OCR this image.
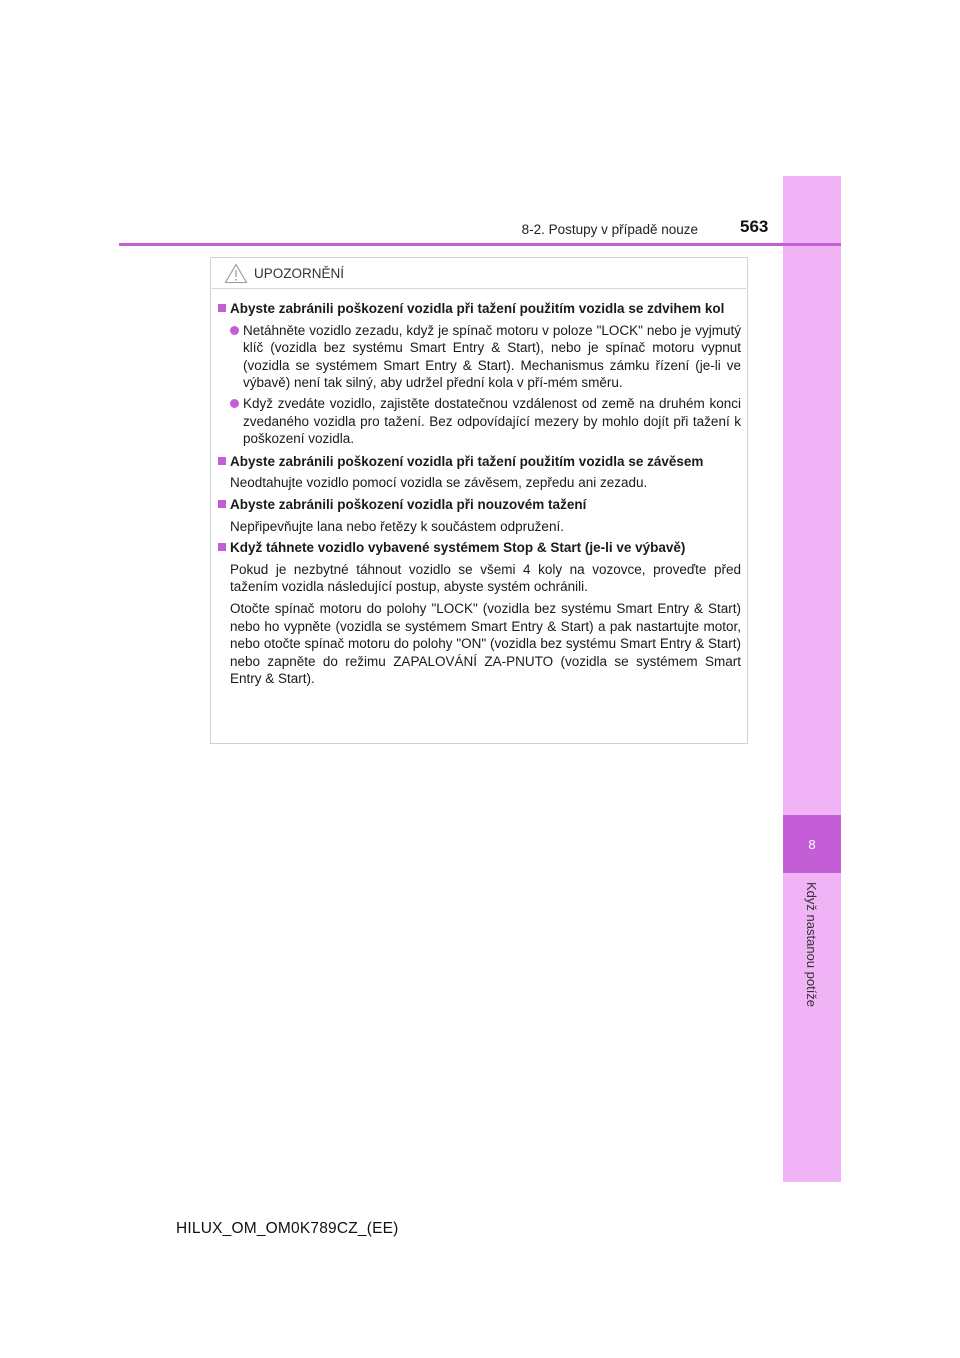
8
Když nastanou potíže
8-2. Postupy v případě nouze 563
UPOZORNĚNÍ
Abyste zabránili poškození vozidla při tažení použitím vozidla se zdvihem kol
Netáhněte vozidlo zezadu, když je spínač motoru v poloze "LOCK" nebo je vyjmutý klíč (vozidla bez systému Smart Entry & Start), nebo je spínač motoru vypnut (vozidla se systémem Smart Entry & Start). Mechanismus zámku řízení (je-li ve výbavě) není tak silný, aby udržel přední kola v pří-mém směru.
Když zvedáte vozidlo, zajistěte dostatečnou vzdálenost od země na druhém konci zvedaného vozidla pro tažení. Bez odpovídající mezery by mohlo dojít při tažení k poškození vozidla.
Abyste zabránili poškození vozidla při tažení použitím vozidla se závěsem
Neodtahujte vozidlo pomocí vozidla se závěsem, zepředu ani zezadu.
Abyste zabránili poškození vozidla při nouzovém tažení
Nepřipevňujte lana nebo řetězy k součástem odpružení.
Když táhnete vozidlo vybavené systémem Stop & Start (je-li ve výbavě)
Pokud je nezbytné táhnout vozidlo se všemi 4 koly na vozovce, proveďte před tažením vozidla následující postup, abyste systém ochránili.
Otočte spínač motoru do polohy "LOCK" (vozidla bez systému Smart Entry & Start) nebo ho vypněte (vozidla se systémem Smart Entry & Start) a pak nastartujte motor, nebo otočte spínač motoru do polohy "ON" (vozidla bez systému Smart Entry & Start) nebo zapněte do režimu ZAPALOVÁNÍ ZA-PNUTO (vozidla se systémem Smart Entry & Start).
HILUX_OM_OM0K789CZ_(EE)
